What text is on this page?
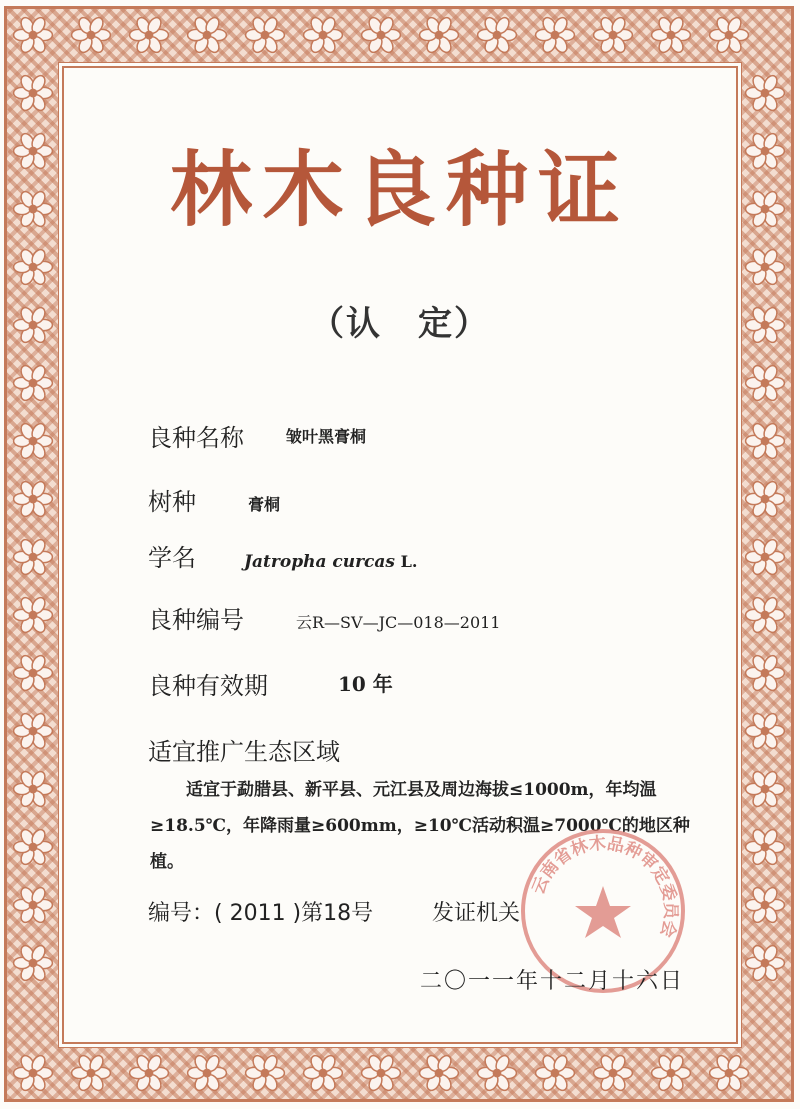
林木良种证
（认　定）
良种名称	皱叶黑膏桐
树种	膏桐
学名	Jatropha curcas L.
良种编号	云R—SV—JC—018—2011
良种有效期	10 年
适宜推广生态区域
适宜于勐腊县、新平县、元江县及周边海拔≤1000m，年均温≥18.5℃，年降雨量≥600mm，≥10℃活动积温≥7000℃的地区种植。
编号：( 2011 )第18号	发证机关
云南省林木品种审定委员会
二〇一一年十二月十六日
